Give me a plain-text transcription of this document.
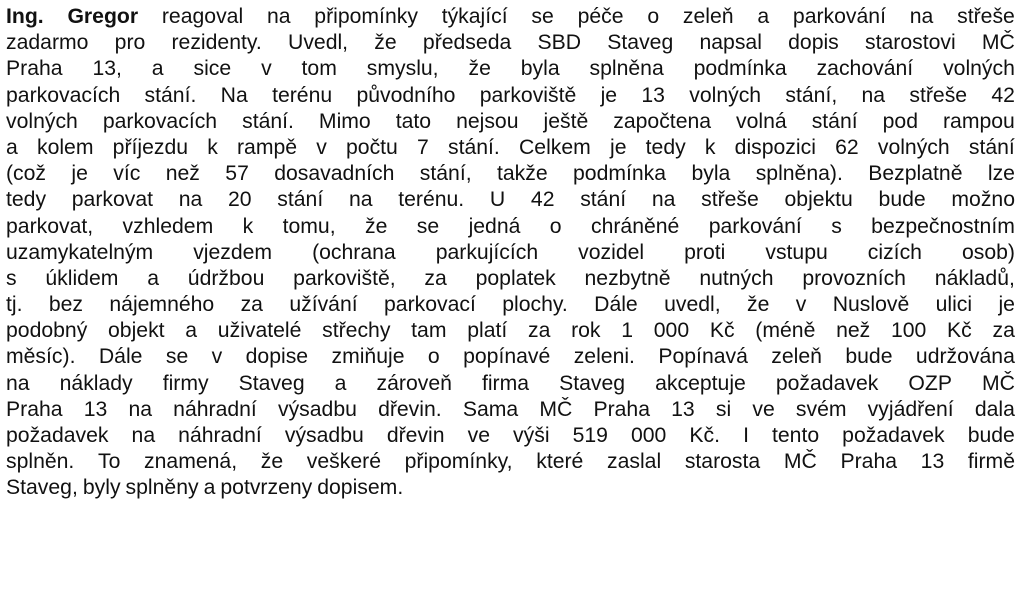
Ing. Gregor reagoval na připomínky týkající se péče o zeleň a parkování na střeše
zadarmo pro rezidenty. Uvedl, že předseda SBD Staveg napsal dopis starostovi MČ
Praha 13, a sice v tom smyslu, že byla splněna podmínka zachování volných
parkovacích stání. Na terénu původního parkoviště je 13 volných stání, na střeše 42
volných parkovacích stání. Mimo tato nejsou ještě započtena volná stání pod rampou
a kolem příjezdu k rampě v počtu 7 stání. Celkem je tedy k dispozici 62 volných stání
(což je víc než 57 dosavadních stání, takže podmínka byla splněna). Bezplatně lze
tedy parkovat na 20 stání na terénu. U 42 stání na střeše objektu bude možno
parkovat, vzhledem k tomu, že se jedná o chráněné parkování s bezpečnostním
uzamykatelným vjezdem (ochrana parkujících vozidel proti vstupu cizích osob)
s úklidem a údržbou parkoviště, za poplatek nezbytně nutných provozních nákladů,
tj. bez nájemného za užívání parkovací plochy. Dále uvedl, že v Nuslově ulici je
podobný objekt a uživatelé střechy tam platí za rok 1 000 Kč (méně než 100 Kč za
měsíc). Dále se v dopise zmiňuje o popínavé zeleni. Popínavá zeleň bude udržována
na náklady firmy Staveg a zároveň firma Staveg akceptuje požadavek OZP MČ
Praha 13 na náhradní výsadbu dřevin. Sama MČ Praha 13 si ve svém vyjádření dala
požadavek na náhradní výsadbu dřevin ve výši 519 000 Kč. I tento požadavek bude
splněn. To znamená, že veškeré připomínky, které zaslal starosta MČ Praha 13 firmě
Staveg, byly splněny a potvrzeny dopisem.
